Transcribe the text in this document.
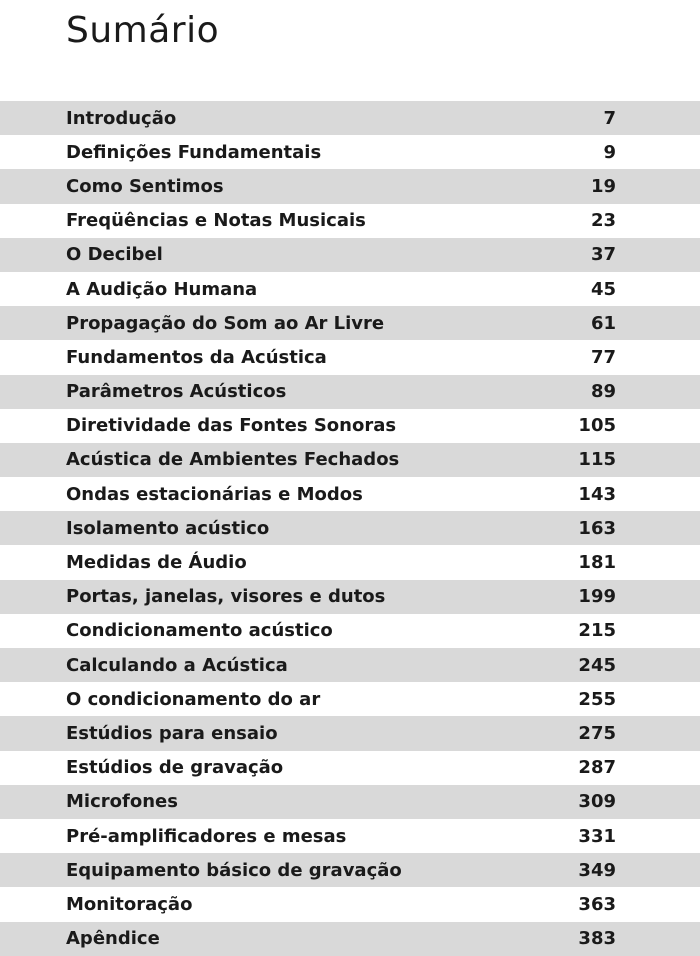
Sumário
Introdução	7
Definições Fundamentais	9
Como Sentimos	19
Freqüências e Notas Musicais	23
O Decibel	37
A Audição Humana	45
Propagação do Som ao Ar Livre	61
Fundamentos da Acústica	77
Parâmetros Acústicos	89
Diretividade das Fontes Sonoras	105
Acústica de Ambientes Fechados	115
Ondas estacionárias e Modos	143
Isolamento acústico	163
Medidas de Áudio	181
Portas, janelas, visores e dutos	199
Condicionamento acústico	215
Calculando a Acústica	245
O condicionamento do ar	255
Estúdios para ensaio	275
Estúdios de gravação	287
Microfones	309
Pré-amplificadores e mesas	331
Equipamento básico de gravação	349
Monitoração	363
Apêndice	383
